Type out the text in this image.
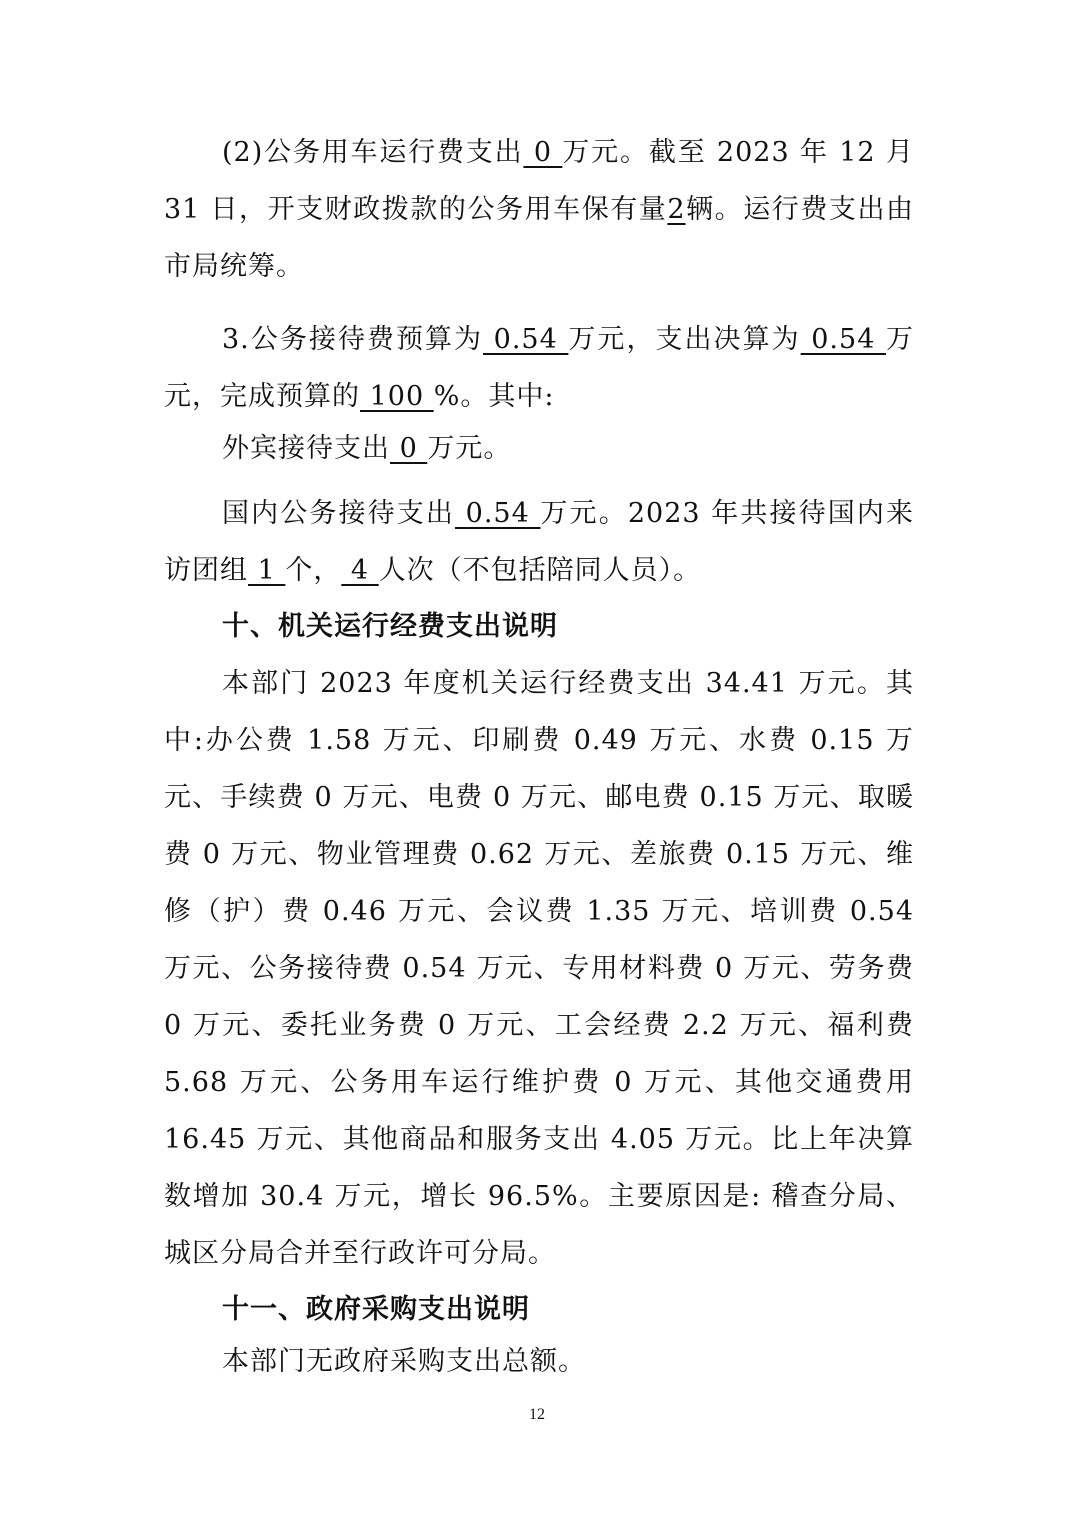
(2)公务用车运行费支出 0 万元。截至 2023 年 12 月 31 日，开支财政拨款的公务用车保有量2辆。运行费支出由市局统筹。

3.公务接待费预算为 0.54 万元，支出决算为 0.54 万元，完成预算的 100 %。其中:

外宾接待支出 0 万元。

国内公务接待支出 0.54 万元。2023 年共接待国内来访团组 1 个， 4 人次（不包括陪同人员）。

十、机关运行经费支出说明

本部门 2023 年度机关运行经费支出 34.41 万元。其中:办公费 1.58 万元、印刷费 0.49 万元、水费 0.15 万元、手续费 0 万元、电费 0 万元、邮电费 0.15 万元、取暖费 0 万元、物业管理费 0.62 万元、差旅费 0.15 万元、维修（护）费 0.46 万元、会议费 1.35 万元、培训费 0.54 万元、公务接待费 0.54 万元、专用材料费 0 万元、劳务费 0 万元、委托业务费 0 万元、工会经费 2.2 万元、福利费 5.68 万元、公务用车运行维护费 0 万元、其他交通费用 16.45 万元、其他商品和服务支出 4.05 万元。比上年决算数增加 30.4 万元，增长 96.5%。主要原因是: 稽查分局、城区分局合并至行政许可分局。

十一、政府采购支出说明

本部门无政府采购支出总额。

12
